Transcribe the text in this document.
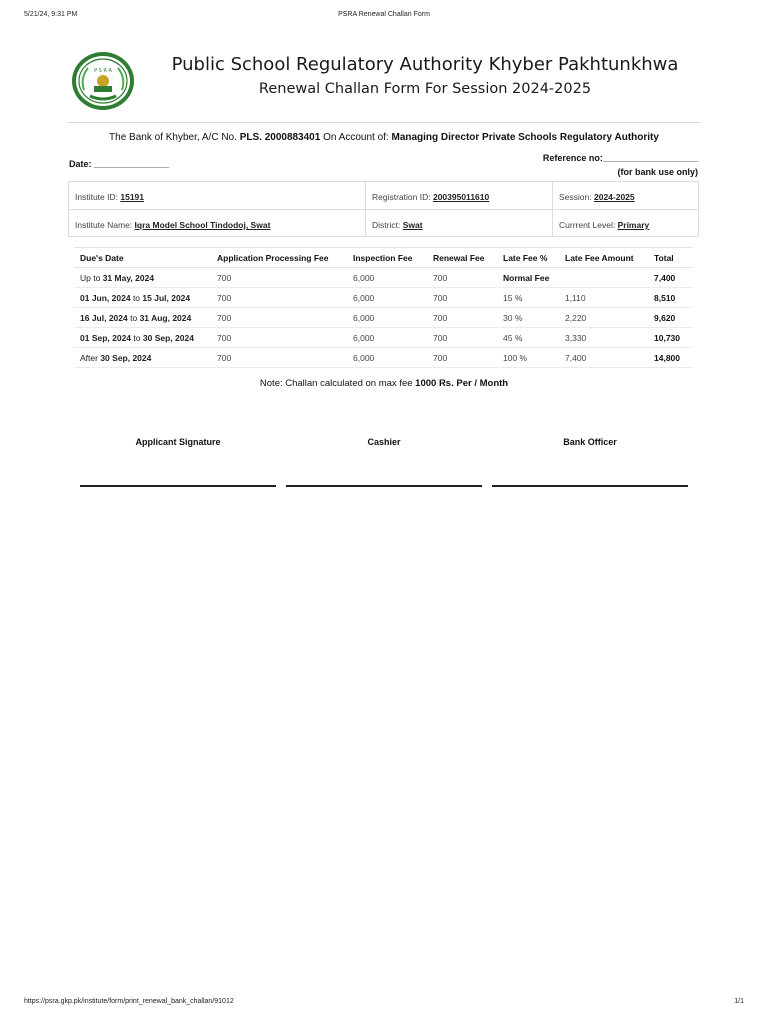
5/21/24, 9:31 PM	PSRA Renewal Challan Form
P S R A	Public School Regulatory Authority Khyber Pakhtunkhwa
Renewal Challan Form For Session 2024-2025
The Bank of Khyber, A/C No. PLS. 2000883401 On Account of: Managing Director Private Schools Regulatory Authority
Date: _______________
Reference no:___________________
(for bank use only)
Institute ID: 15191	Registration ID: 200395011610	Session: 2024-2025
Institute Name: Iqra Model School Tindodoj, Swat	District: Swat	Currrent Level: Primary
Due's Date	Application Processing Fee	Inspection Fee	Renewal Fee	Late Fee %	Late Fee Amount	Total
Up to 31 May, 2024	700	6,000	700	Normal Fee		7,400
01 Jun, 2024 to 15 Jul, 2024	700	6,000	700	15 %	1,110	8,510
16 Jul, 2024 to 31 Aug, 2024	700	6,000	700	30 %	2,220	9,620
01 Sep, 2024 to 30 Sep, 2024	700	6,000	700	45 %	3,330	10,730
After 30 Sep, 2024	700	6,000	700	100 %	7,400	14,800
Note: Challan calculated on max fee 1000 Rs. Per / Month
Applicant Signature	Cashier	Bank Officer
https://psra.gkp.pk/institute/form/print_renewal_bank_challan/91012	1/1
